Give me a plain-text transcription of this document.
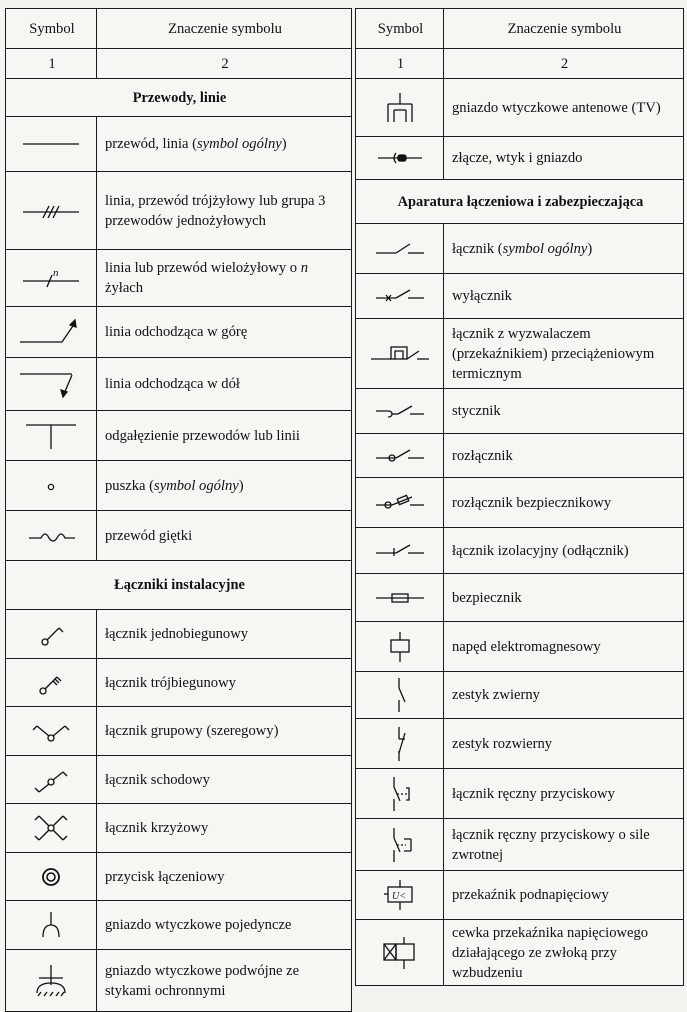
Symbol	Znaczenie symbolu
1	2
Przewody, linie	

	przewód, linia (symbol ogólny)

	linia, przewód trójżyłowy lub grupa 3 przewodów jednożyłowych

n	linia lub przewód wielożyłowy o n żyłach

	linia odchodząca w górę

	linia odchodząca w dół

	odgałęzienie przewodów lub linii

	puszka (symbol ogólny)

	przewód giętki
Łączniki instalacyjne	

	łącznik jednobiegunowy

	łącznik trójbiegunowy

	łącznik grupowy (szeregowy)

	łącznik schodowy

	łącznik krzyżowy

	przycisk łączeniowy

	gniazdo wtyczkowe pojedyncze

	gniazdo wtyczkowe podwójne ze stykami ochronnymi
Symbol	Znaczenie symbolu
1	2

	gniazdo wtyczkowe antenowe (TV)

	złącze, wtyk i gniazdo
Aparatura łączeniowa i zabezpieczająca	

	łącznik (symbol ogólny)

	wyłącznik

	łącznik z wyzwalaczem (przekaźnikiem) przeciążeniowym termicznym

	stycznik

	rozłącznik

	rozłącznik bezpiecznikowy

	łącznik izolacyjny (odłącznik)

	bezpiecznik

	napęd elektromagnesowy

	zestyk zwierny

	zestyk rozwierny

	łącznik ręczny przyciskowy

	łącznik ręczny przyciskowy o sile zwrotnej

U<	przekaźnik podnapięciowy

	cewka przekaźnika napięciowego działającego ze zwłoką przy wzbudzeniu
